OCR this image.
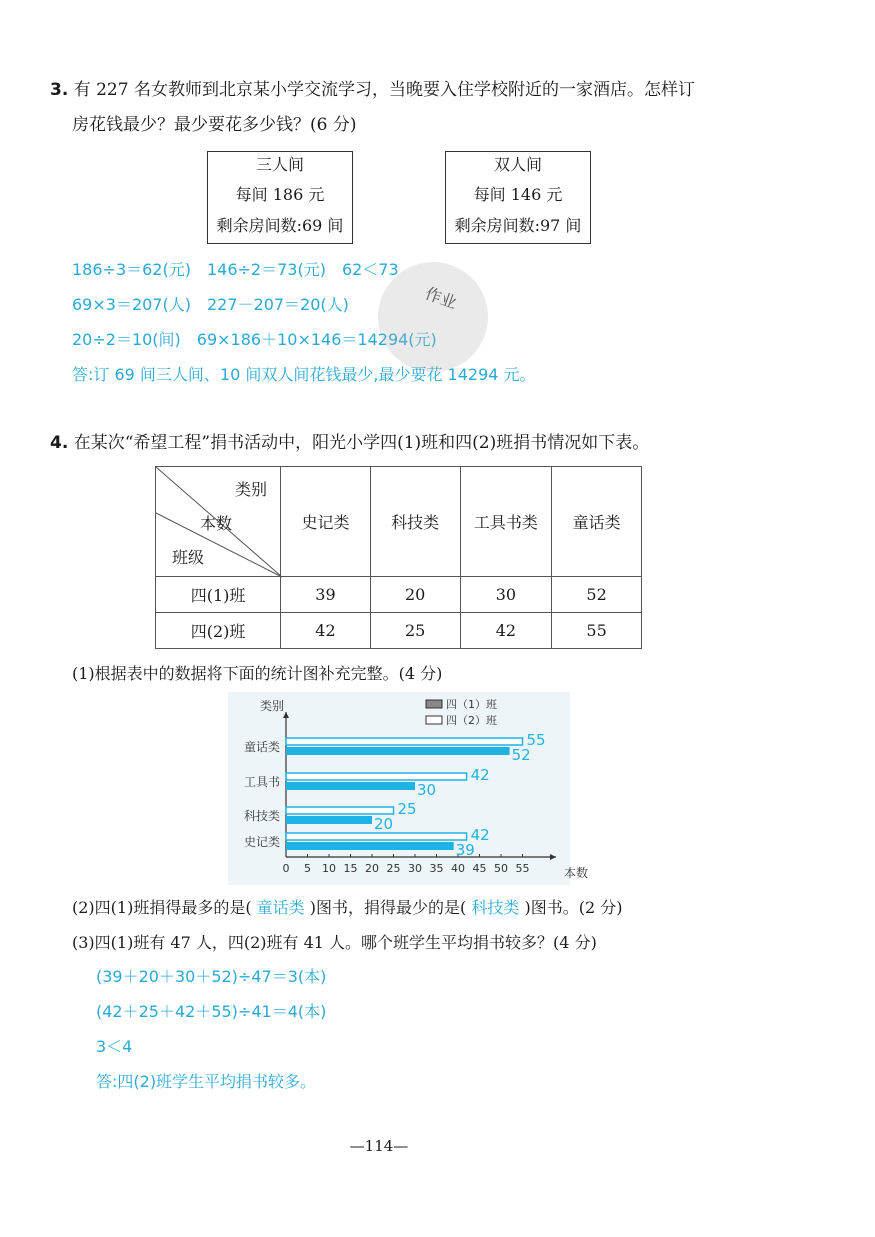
3. 有 227 名女教师到北京某小学交流学习，当晚要入住学校附近的一家酒店。怎样订
房花钱最少？最少要花多少钱？(6 分)
三人间
每间 186 元
剩余房间数:69 间
双人间
每间 146 元
剩余房间数:97 间
186÷3＝62(元)　146÷2＝73(元)　62＜73
69×3＝207(人)　227－207＝20(人)
20÷2＝10(间)　69×186＋10×146＝14294(元)
答:订 69 间三人间、10 间双人间花钱最少,最少要花 14294 元。
作业
4. 在某次“希望工程”捐书活动中，阳光小学四(1)班和四(2)班捐书情况如下表。
类别
本数
班级	史记类	科技类	工具书类	童话类
四(1)班	39	20	30	52
四(2)班	42	25	42	55
(1)根据表中的数据将下面的统计图补充完整。(4 分)
类别
本数
0 5 10 15 20 25 30 35 40 45 50 55
四（1）班
四（2）班
童话类	55
52
工具书	42
30
科技类	25
20
史记类	42
39
(2)四(1)班捐得最多的是( 童话类 )图书，捐得最少的是( 科技类 )图书。(2 分)
(3)四(1)班有 47 人，四(2)班有 41 人。哪个班学生平均捐书较多？(4 分)
(39＋20＋30＋52)÷47＝3(本)
(42＋25＋42＋55)÷41＝4(本)
3＜4
答:四(2)班学生平均捐书较多。
—114—
